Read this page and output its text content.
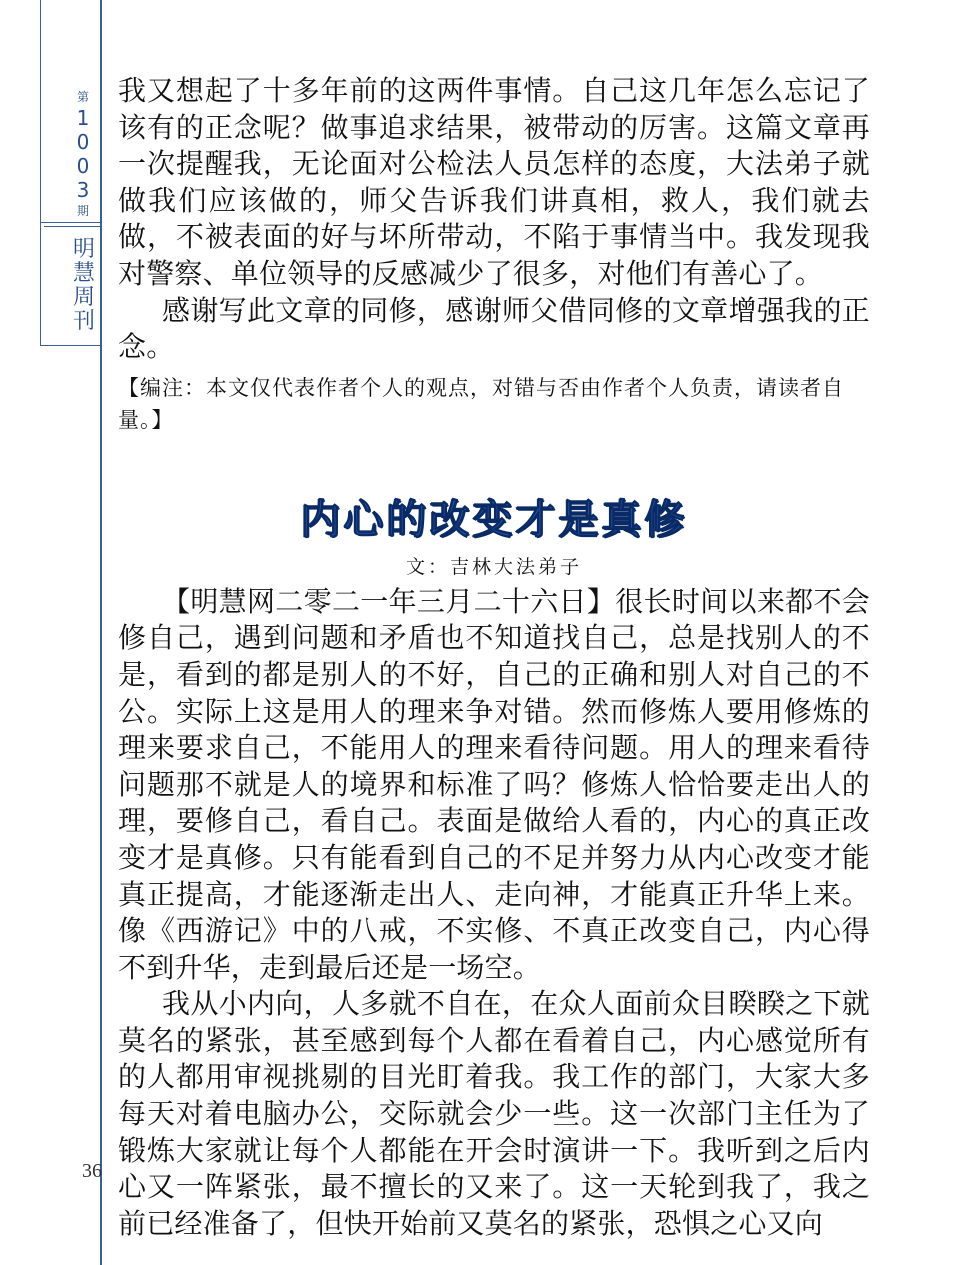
第
1
0
0
3
期
明
慧
周
刊
36

我又想起了十多年前的这两件事情。自己这几年怎么忘记了该有的正念呢？做事追求结果，被带动的厉害。这篇文章再一次提醒我，无论面对公检法人员怎样的态度，大法弟子就做我们应该做的，师父告诉我们讲真相，救人，我们就去做，不被表面的好与坏所带动，不陷于事情当中。我发现我对警察、单位领导的反感减少了很多，对他们有善心了。

感谢写此文章的同修，感谢师父借同修的文章增强我的正念。

【编注：本文仅代表作者个人的观点，对错与否由作者个人负责，请读者自量。】

内心的改变才是真修
文：吉林大法弟子

【明慧网二零二一年三月二十六日】很长时间以来都不会修自己，遇到问题和矛盾也不知道找自己，总是找别人的不是，看到的都是别人的不好，自己的正确和别人对自己的不公。实际上这是用人的理来争对错。然而修炼人要用修炼的理来要求自己，不能用人的理来看待问题。用人的理来看待问题那不就是人的境界和标准了吗？修炼人恰恰要走出人的理，要修自己，看自己。表面是做给人看的，内心的真正改变才是真修。只有能看到自己的不足并努力从内心改变才能真正提高，才能逐渐走出人、走向神，才能真正升华上来。像《西游记》中的八戒，不实修、不真正改变自己，内心得不到升华，走到最后还是一场空。

我从小内向，人多就不自在，在众人面前众目睽睽之下就莫名的紧张，甚至感到每个人都在看着自己，内心感觉所有的人都用审视挑剔的目光盯着我。我工作的部门，大家大多每天对着电脑办公，交际就会少一些。这一次部门主任为了锻炼大家就让每个人都能在开会时演讲一下。我听到之后内心又一阵紧张，最不擅长的又来了。这一天轮到我了，我之前已经准备了，但快开始前又莫名的紧张，恐惧之心又向
